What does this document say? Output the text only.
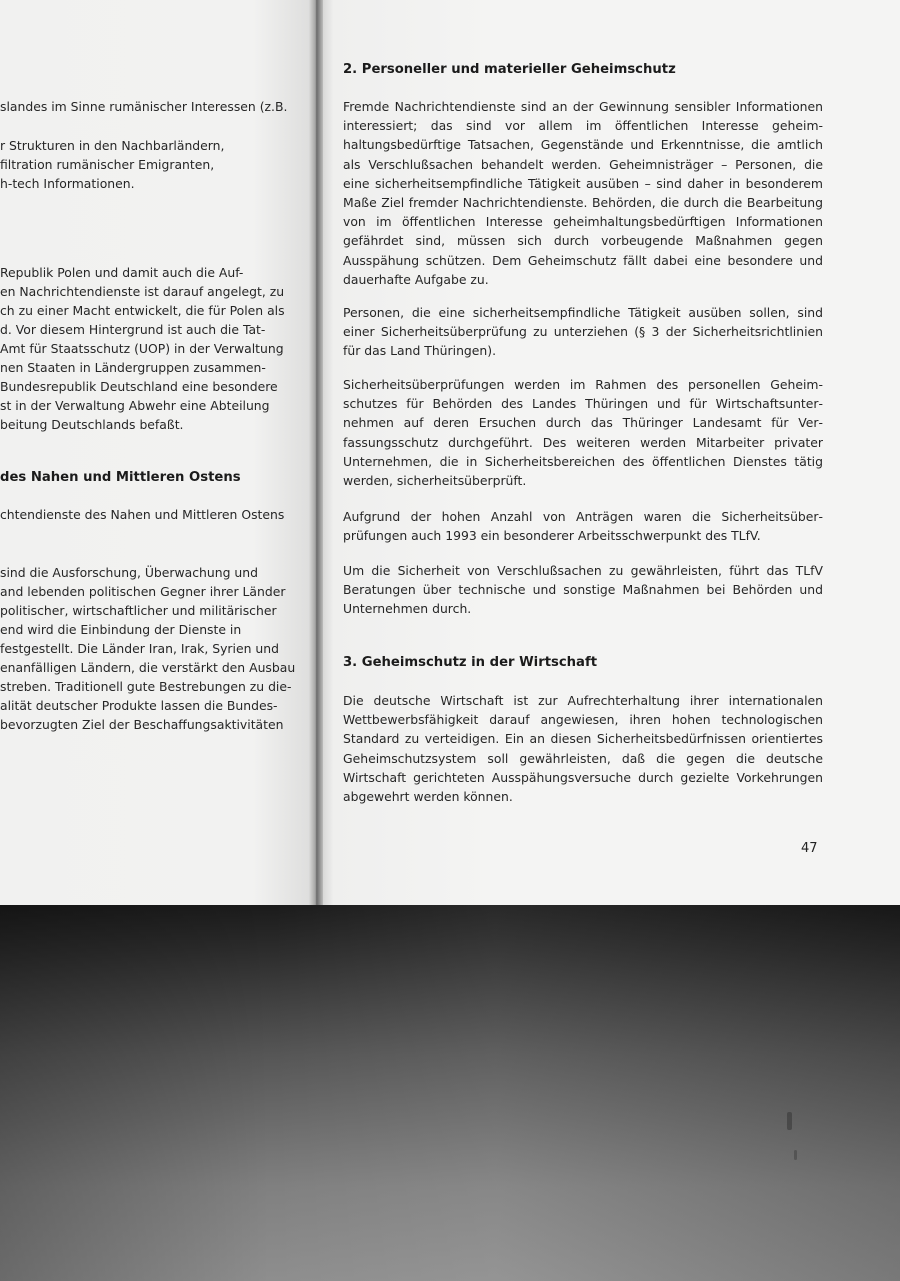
slandes im Sinne rumänischer Interessen (z.B.
r Strukturen in den Nachbarländern,
filtration rumänischer Emigranten,
h-tech Informationen.
Republik Polen und damit auch die Auf-
en Nachrichtendienste ist darauf angelegt, zu
ch zu einer Macht entwickelt, die für Polen als
d. Vor diesem Hintergrund ist auch die Tat-
Amt für Staatsschutz (UOP) in der Verwaltung
nen Staaten in Ländergruppen zusammen-
Bundesrepublik Deutschland eine besondere
st in der Verwaltung Abwehr eine Abteilung
beitung Deutschlands befaßt.
des Nahen und Mittleren Ostens
chtendienste des Nahen und Mittleren Ostens
sind die Ausforschung, Überwachung und
and lebenden politischen Gegner ihrer Länder
politischer, wirtschaftlicher und militärischer
end wird die Einbindung der Dienste in
festgestellt. Die Länder Iran, Irak, Syrien und
enanfälligen Ländern, die verstärkt den Ausbau
streben. Traditionell gute Bestrebungen zu die-
alität deutscher Produkte lassen die Bundes-
bevorzugten Ziel der Beschaffungsaktivitäten
2. Personeller und materieller Geheimschutz
Fremde Nachrichtendienste sind an der Gewinnung sensibler Informationen interessiert; das sind vor allem im öffentlichen Interesse geheimhaltungsbedürftige Tatsachen, Gegenstände und Erkenntnisse, die amtlich als Verschlußsachen behandelt werden. Geheimnisträger – Personen, die eine sicherheitsempfindliche Tätigkeit ausüben – sind daher in besonderem Maße Ziel fremder Nachrichtendienste. Behörden, die durch die Bearbeitung von im öffentlichen Interesse geheimhaltungsbedürftigen Informationen gefährdet sind, müssen sich durch vorbeugende Maßnahmen gegen Ausspähung schützen. Dem Geheimschutz fällt dabei eine besondere und dauerhafte Aufgabe zu.
Personen, die eine sicherheitsempfindliche Tätigkeit ausüben sollen, sind einer Sicherheitsüberprüfung zu unterziehen (§ 3 der Sicherheitsrichtlinien für das Land Thüringen).
Sicherheitsüberprüfungen werden im Rahmen des personellen Geheimschutzes für Behörden des Landes Thüringen und für Wirtschaftsunternehmen auf deren Ersuchen durch das Thüringer Landesamt für Verfassungsschutz durchgeführt. Des weiteren werden Mitarbeiter privater Unternehmen, die in Sicherheitsbereichen des öffentlichen Dienstes tätig werden, sicherheitsüberprüft.
Aufgrund der hohen Anzahl von Anträgen waren die Sicherheitsüberprüfungen auch 1993 ein besonderer Arbeitsschwerpunkt des TLfV.
Um die Sicherheit von Verschlußsachen zu gewährleisten, führt das TLfV Beratungen über technische und sonstige Maßnahmen bei Behörden und Unternehmen durch.
3. Geheimschutz in der Wirtschaft
Die deutsche Wirtschaft ist zur Aufrechterhaltung ihrer internationalen Wettbewerbsfähigkeit darauf angewiesen, ihren hohen technologischen Standard zu verteidigen. Ein an diesen Sicherheitsbedürfnissen orientiertes Geheimschutzsystem soll gewährleisten, daß die gegen die deutsche Wirtschaft gerichteten Ausspähungsversuche durch gezielte Vorkehrungen abgewehrt werden können.
47
